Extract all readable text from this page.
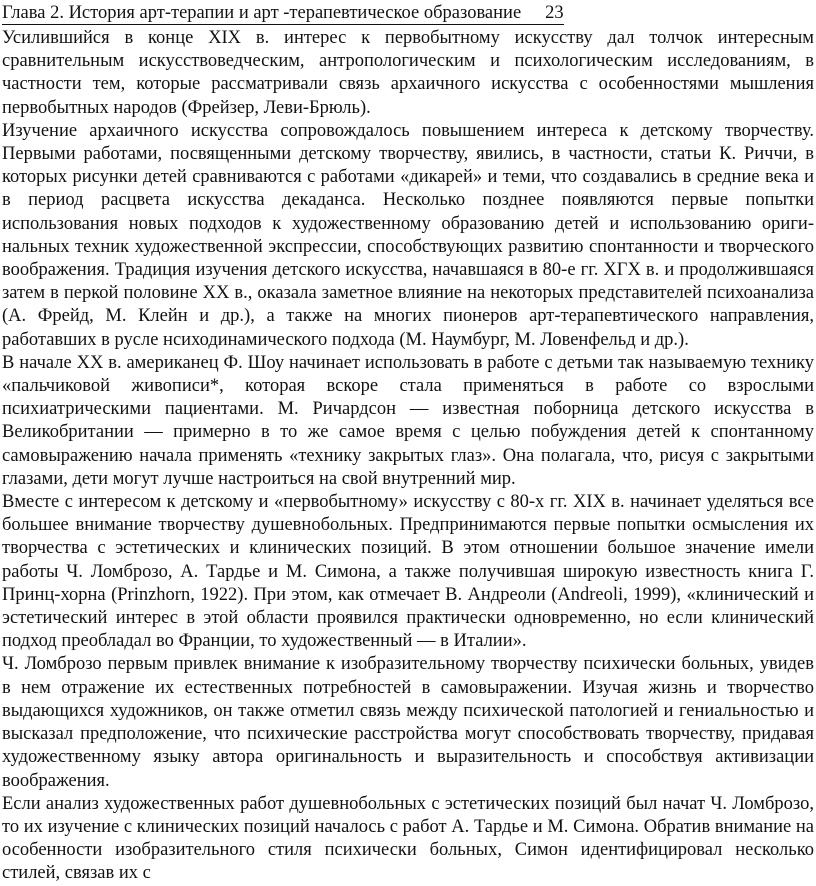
Глава 2. История арт-терапии и арт -терапевтическое образование 23

Усилившийся в конце XIX в. интерес к первобытному искусству дал толчок интересным сравнительным искусствоведческим, антропологическим и психологическим исследованиям, в частности тем, которые рассматривали связь архаичного искусства с особенностями мышления первобытных народов (Фрейзер, Леви-Брюль).

Изучение архаичного искусства сопровождалось повышением интереса к детскому творчеству. Первыми работами, посвященными детскому творчеству, явились, в частности, статьи К. Риччи, в которых рисунки детей сравниваются с работами «дикарей» и теми, что создавались в средние века и в период расцвета искусства декаданса. Несколько позднее появляются первые попытки использования новых подходов к художественному образованию детей и использованию оригинальных техник художественной экспрессии, способствующих развитию спонтанности и творческого воображения. Традиция изучения детского искусства, начавшаяся в 80-е гг. ХГХ в. и продолжившаяся затем в перкой половине XX в., оказала заметное влияние на некоторых представителей психоанализа (А. Фрейд, М. Клейн и др.), а также на многих пионеров арт-терапевтического направления, работавших в русле нсиходинамического подхода (М. Наумбург, М. Ловенфельд и др.).

В начале XX в. американец Ф. Шоу начинает использовать в работе с детьми так называемую технику «пальчиковой живописи*, которая вскоре стала применяться в работе со взрослыми психиатрическими пациентами. М. Ричардсон — известная поборница детского искусства в Великобритании — примерно в то же самое время с целью побуждения детей к спонтанному самовыражению начала применять «технику закрытых глаз». Она полагала, что, рисуя с закрытыми глазами, дети могут лучше настроиться на свой внутренний мир.

Вместе с интересом к детскому и «первобытному» искусству с 80-х гг. XIX в. начинает уделяться все большее внимание творчеству душевнобольных. Предпринимаются первые попытки осмысления их творчества с эстетических и клинических позиций. В этом отношении большое значение имели работы Ч. Ломброзо, А. Тардье и М. Симона, а также получившая широкую известность книга Г. Принц-хорна (Prinzhorn, 1922). При этом, как отмечает В. Андреоли (Andreoli, 1999), «клинический и эстетический интерес в этой области проявился практически одновременно, но если клинический подход преобладал во Франции, то художественный — в Италии».

Ч. Ломброзо первым привлек внимание к изобразительному творчеству психически больных, увидев в нем отражение их естественных потребностей в самовыражении. Изучая жизнь и творчество выдающихся художников, он также отметил связь между психической патологией и гениальностью и высказал предположение, что психические расстройства могут способствовать творчеству, придавая художественному языку автора оригинальность и выразительность и способствуя активизации воображения.

Если анализ художественных работ душевнобольных с эстетических позиций был начат Ч. Ломброзо, то их изучение с клинических позиций началось с работ А. Тардье и М. Симона. Обратив внимание на особенности изобразительного стиля психически больных, Симон идентифицировал несколько стилей, связав их с
